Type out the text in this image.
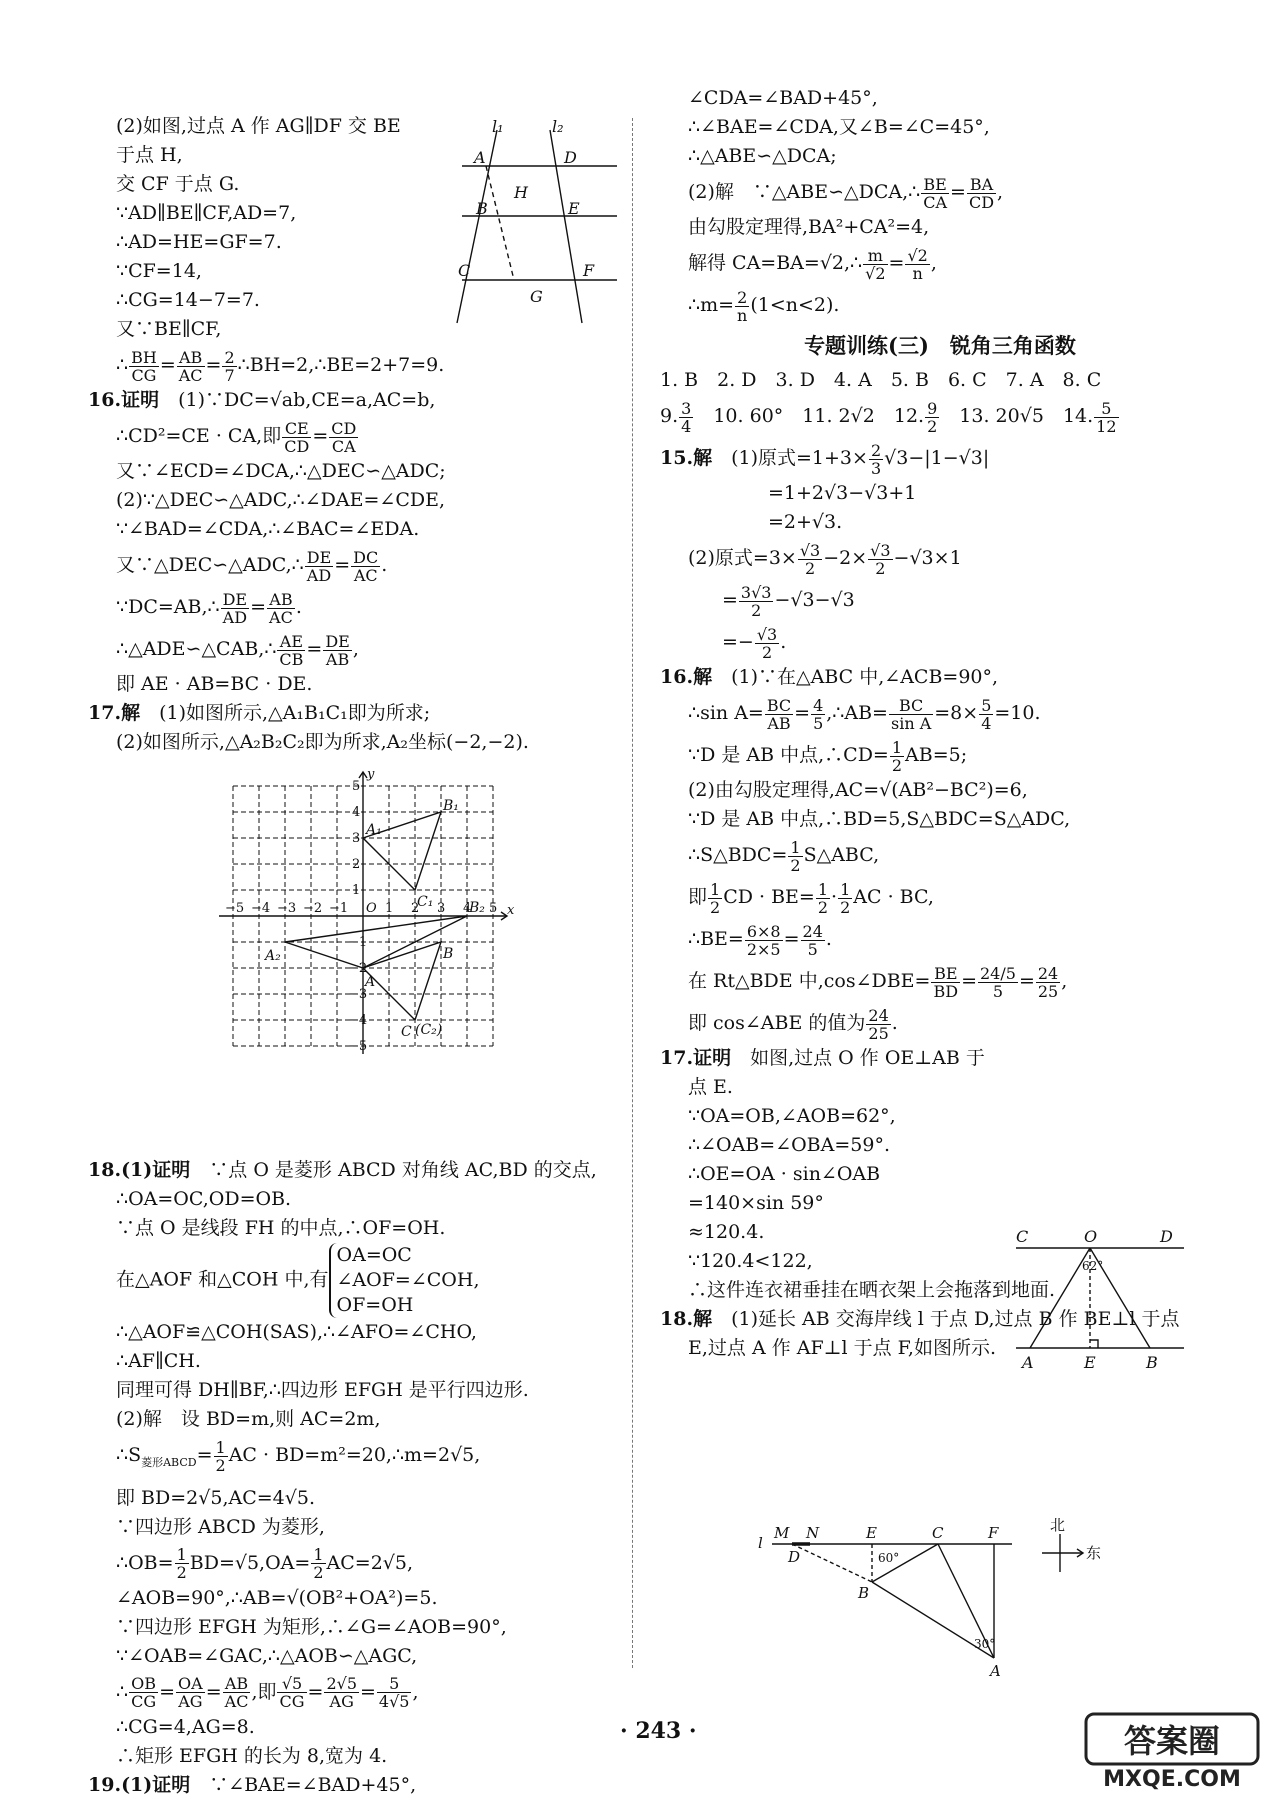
(2)如图,过点 A 作 AG∥DF 交 BE
于点 H,
交 CF 于点 G.
∵AD∥BE∥CF,AD=7,
∴AD=HE=GF=7.
∵CF=14,
∴CG=14−7=7.
又∵BE∥CF,
∴ $\frac{BH}{CG} = \frac{AB}{AC} = \frac{2}{7}$ ∴BH=2,∴BE=2+7=9.
16.证明　 (1)∵DC=√ab,CE=a,AC=b,
∴CD²=CE · CA,即 $\frac{CE}{CD} = \frac{CD}{CA}$
又∵∠ECD=∠DCA,∴△DEC∽△ADC;
(2)∵△DEC∽△ADC,∴∠DAE=∠CDE,
∵∠BAD=∠CDA,∴∠BAC=∠EDA.
又∵△DEC∽△ADC,∴ $\frac{DE}{AD} = \frac{DC}{AC}$ .
∵DC=AB,∴ $\frac{DE}{AD} = \frac{AB}{AC}$ .
∴△ADE∽△CAB,∴ $\frac{AE}{CB} = \frac{DE}{AB}$ ,
即 AE · AB=BC · DE.
17.解　 (1)如图所示,△A₁B₁C₁即为所求;
(2)如图所示,△A₂B₂C₂即为所求,A₂坐标(−2,−2).
18.(1)证明　 ∵点 O 是菱形 ABCD 对角线 AC,BD 的交点,
∴OA=OC,OD=OB.
∵点 O 是线段 FH 的中点,∴OF=OH.
在△AOF 和△COH 中,有
OA=OC
∠AOF=∠COH,
OF=OH
∴△AOF≌△COH(SAS),∴∠AFO=∠CHO,
∴AF∥CH.
同理可得 DH∥BF,∴四边形 EFGH 是平行四边形.
(2)解　设 BD=m,则 AC=2m,
$\therefore S_{菱形ABCD}= \frac{1}{2}$ AC · BD=m²=20,∴m=2√5,
即 BD=2√5,AC=4√5.
∵四边形 ABCD 为菱形,
∴OB= $\frac{1}{2} BD=√5,OA= \frac{1}{2} AC=2√5$,
∠AOB=90°,∴AB=√(OB²+OA²)=5.
∵四边形 EFGH 为矩形,∴∠G=∠AOB=90°,
∵∠OAB=∠GAC,∴△AOB∽△AGC,
∴ $\frac{OB}{CG} = \frac{OA}{AG} = \frac{AB}{AC}$ ,即 $\frac{√5}{CG} = \frac{2√5}{AG} = \frac{5}{4√5}$ ,
∴CG=4,AG=8.
∴矩形 EFGH 的长为 8,宽为 4.
19.(1)证明　 ∵∠BAE=∠BAD+45°,
l₁	l₂
A	D
H
B	E
C	F
G
x
y
O
−5 −4 −3 −2 −1	1 2 3 4 5
5
4
3
2
1
−1
−2
−3
−4
−5
A₁
B₁
C₁	B₂
A₂	B
A
C (C₂)
∠CDA=∠BAD+45°,
∴∠BAE=∠CDA,又∠B=∠C=45°,
∴△ABE∽△DCA;
(2)解　∵△ABE∽△DCA,∴ $\frac{BE}{CA} = \frac{BA}{CD}$ ,
由勾股定理得,BA²+CA²=4,
解得 CA=BA=√2,∴ $\frac{m}{√2} = \frac{√2}{n}$ ,
∴m= $\frac{2}{n} (1<n<2)$.
专题训练(三)　锐角三角函数
1. B　2. D　3. D　4. A　5. B　6. C　7. A　8. C
9. $\frac{3}{4}$
　 10. 60°　 11. 2√2　 12. $\frac{9}{2}$
　 13. 20√5　 14. $\frac{5}{12}$
15.解　 (1)原式$=1+3\times \frac{2}{3} √3-|1-√3|$
=1+2√3−√3+1
=2+√3.
(2)原式$=3\times \frac{√3}{2} -2\times \frac{√3}{2} -√3\times 1$
= $\frac{3√3}{2} -√3-√3$
=− $\frac{√3}{2}$ .
16.解　 (1)∵在△ABC 中,∠ACB=90°,
∴sin $A= \frac{BC}{AB} = \frac{4}{5}$ ,∴AB= $\frac{BC}{\text{sin A}} =8\times \frac{5}{4} =10$.
∵D 是 AB 中点,∴CD= $\frac{1}{2} AB=5$;
(2)由勾股定理得,AC=√(AB²−BC²)=6,
∵D 是 AB 中点,∴BD=5,S△BDC=S△ADC,
∴S△BDC= $\frac{1}{2}$ S△ABC,
即 $\frac{1}{2}$ CD · $BE= \frac{1}{2} \cdot \frac{1}{2}$ AC · BC,
∴BE= $\frac{6\times 8}{2\times 5} = \frac{24}{5}$ .
在 Rt△BDE 中,cos∠DBE= $\frac{BE}{BD} = \frac{24/5}{5} = \frac{24}{25}$ ,
即 cos∠ABE 的值为 $\frac{24}{25}$ .
17.证明　 如图,过点 O 作 OE⊥AB 于
点 E.
∵OA=OB,∠AOB=62°,
∴∠OAB=∠OBA=59°.
∴OE=OA · sin∠OAB
=140×sin 59°
≈120.4.
∵120.4<122,
∴这件连衣裙垂挂在晒衣架上会拖落到地面.
18.解　 (1)延长 AB 交海岸线 l 于点 D,过点 B 作 BE⊥l 于点
E,过点 A 作 AF⊥l 于点 F,如图所示.
C	O	D
62°
A	E	B
l
M N	E	C	F
D	60°
B
30°
A
北
东
· 243 ·	答案圈
MXQE.COM
